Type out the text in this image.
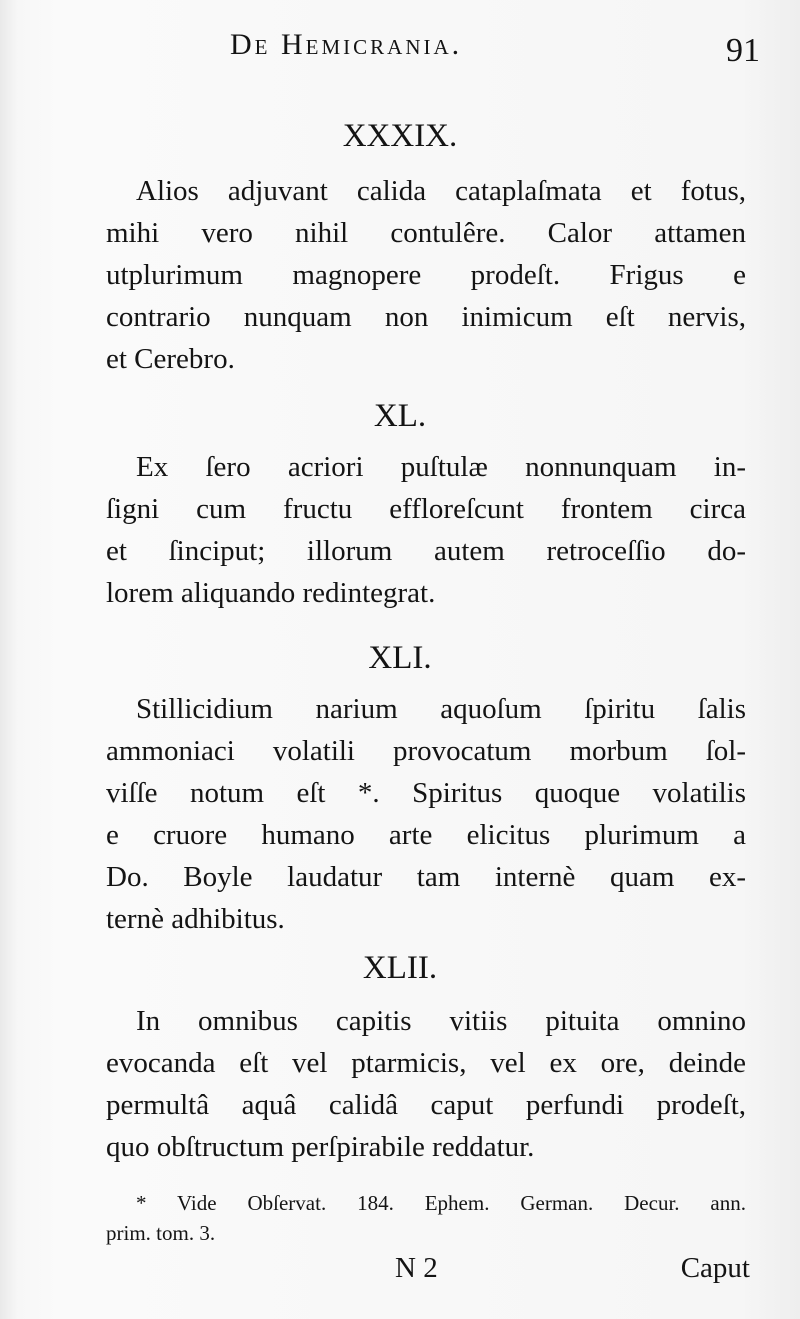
De Hemicrania.	91
XXXIX.
Alios adjuvant calida cataplaſmata et fotus,
mihi vero nihil contulêre. Calor attamen
utplurimum magnopere prodeſt. Frigus e
contrario nunquam non inimicum eſt nervis,
et Cerebro.
XL.
Ex ſero acriori puſtulæ nonnunquam in-
ſigni cum fructu efflоreſcunt frontem circa
et ſinciput; illorum autem retroceſſio do-
lorem aliquando redintegrat.
XLI.
Stillicidium narium aquoſum ſpiritu ſalis
ammoniaci volatili provocatum morbum ſol-
viſſe notum eſt *. Spiritus quoque volatilis
e cruore humano arte elicitus plurimum a
Do. Boyle laudatur tam internè quam ex-
ternè adhibitus.
XLII.
In omnibus capitis vitiis pituita omnino
evocanda eſt vel ptarmicis, vel ex ore, deinde
permultâ aquâ calidâ caput perfundi prodeſt,
quo obſtructum perſpirabile reddatur.
* Vide Obſervat. 184. Ephem. German. Decur. ann.
prim. tom. 3.
N 2	Caput
